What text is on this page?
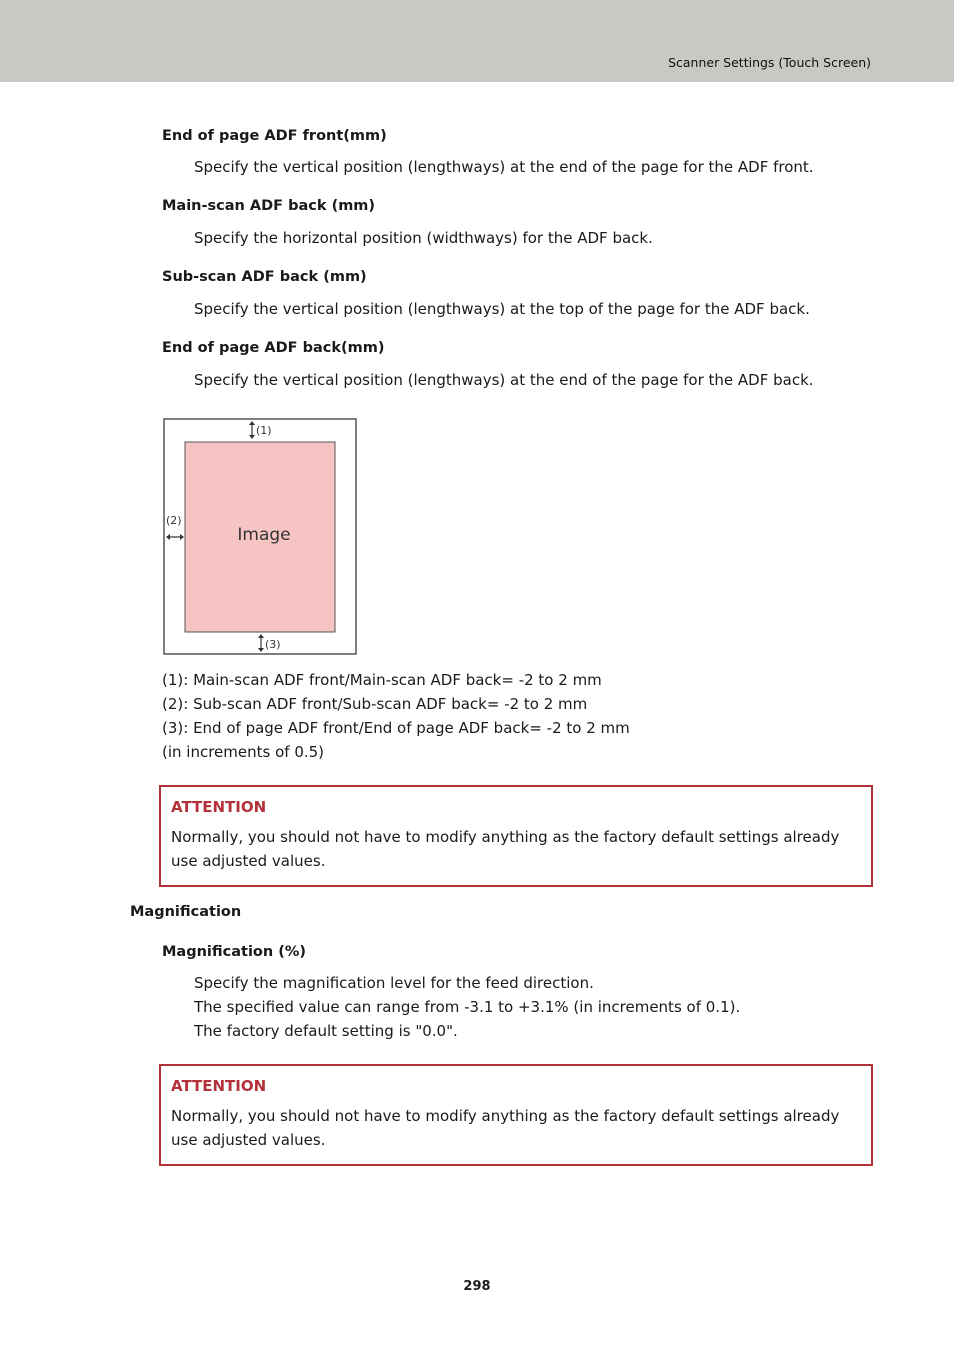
Scanner Settings (Touch Screen)
End of page ADF front(mm)
Specify the vertical position (lengthways) at the end of the page for the ADF front.
Main-scan ADF back (mm)
Specify the horizontal position (widthways) for the ADF back.
Sub-scan ADF back (mm)
Specify the vertical position (lengthways) at the top of the page for the ADF back.
End of page ADF back(mm)
Specify the vertical position (lengthways) at the end of the page for the ADF back.
Image
(1)
(2)
(3)
(1): Main-scan ADF front/Main-scan ADF back= -2 to 2 mm
(2): Sub-scan ADF front/Sub-scan ADF back= -2 to 2 mm
(3): End of page ADF front/End of page ADF back= -2 to 2 mm
(in increments of 0.5)
ATTENTION
Normally, you should not have to modify anything as the factory default settings already use adjusted values.
Magnification
Magnification (%)
Specify the magnification level for the feed direction.
The specified value can range from -3.1 to +3.1% (in increments of 0.1).
The factory default setting is "0.0".
ATTENTION
Normally, you should not have to modify anything as the factory default settings already use adjusted values.
298
